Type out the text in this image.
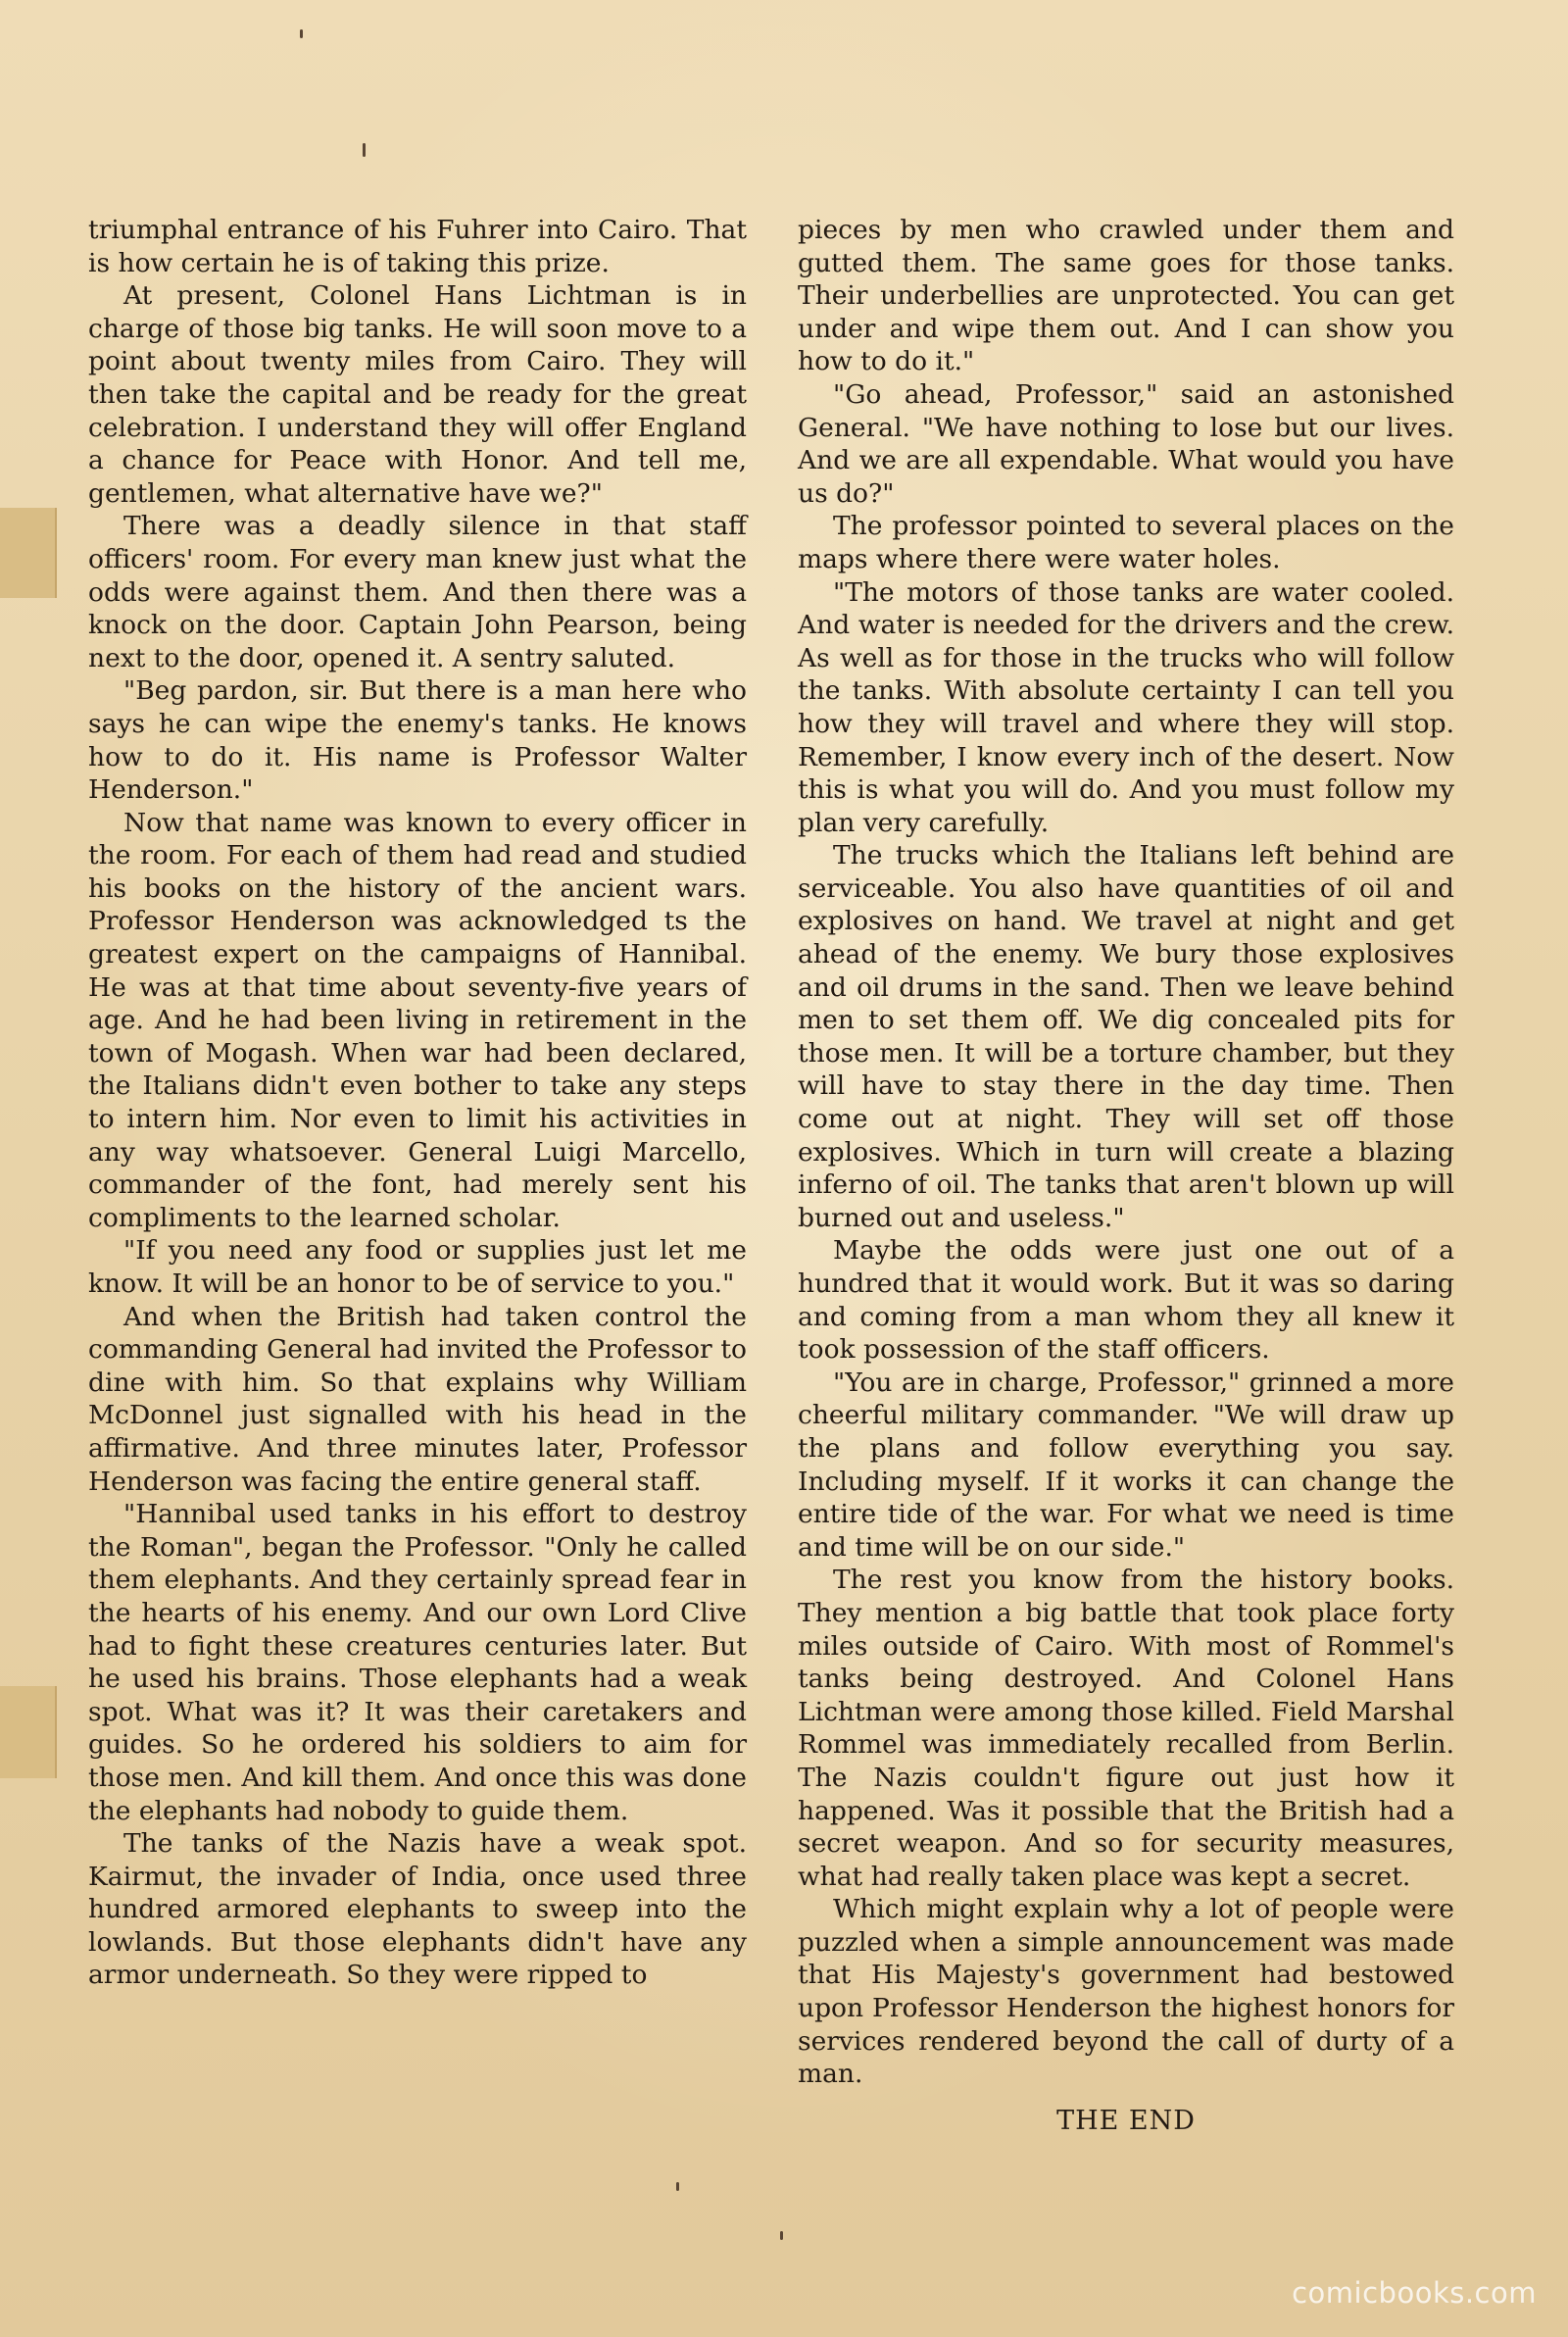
triumphal entrance of his Fuhrer into Cairo. That is how certain he is of taking this prize.

At present, Colonel Hans Lichtman is in charge of those big tanks. He will soon move to a point about twenty miles from Cairo. They will then take the capital and be ready for the great celebration. I understand they will offer England a chance for Peace with Honor. And tell me, gentlemen, what alternative have we?"

There was a deadly silence in that staff officers' room. For every man knew just what the odds were against them. And then there was a knock on the door. Captain John Pearson, being next to the door, opened it. A sentry saluted.

"Beg pardon, sir. But there is a man here who says he can wipe the enemy's tanks. He knows how to do it. His name is Professor Walter Henderson."

Now that name was known to every officer in the room. For each of them had read and studied his books on the history of the ancient wars. Professor Henderson was acknowledged ts the greatest expert on the campaigns of Hannibal. He was at that time about seventy-five years of age. And he had been living in retirement in the town of Mogash. When war had been declared, the Italians didn't even bother to take any steps to intern him. Nor even to limit his activities in any way whatsoever. General Luigi Marcello, commander of the font, had merely sent his compliments to the learned scholar.

"If you need any food or supplies just let me know. It will be an honor to be of service to you."

And when the British had taken control the commanding General had invited the Professor to dine with him. So that explains why William McDonnel just signalled with his head in the affirmative. And three minutes later, Professor Henderson was facing the entire general staff.

"Hannibal used tanks in his effort to destroy the Roman", began the Professor. "Only he called them elephants. And they certainly spread fear in the hearts of his enemy. And our own Lord Clive had to fight these creatures centuries later. But he used his brains. Those elephants had a weak spot. What was it? It was their caretakers and guides. So he ordered his soldiers to aim for those men. And kill them. And once this was done the elephants had nobody to guide them.

The tanks of the Nazis have a weak spot. Kairmut, the invader of India, once used three hundred armored elephants to sweep into the lowlands. But those elephants didn't have any armor underneath. So they were ripped to

pieces by men who crawled under them and gutted them. The same goes for those tanks. Their underbellies are unprotected. You can get under and wipe them out. And I can show you how to do it."

"Go ahead, Professor," said an astonished General. "We have nothing to lose but our lives. And we are all expendable. What would you have us do?"

The professor pointed to several places on the maps where there were water holes.

"The motors of those tanks are water cooled. And water is needed for the drivers and the crew. As well as for those in the trucks who will follow the tanks. With absolute certainty I can tell you how they will travel and where they will stop. Remember, I know every inch of the desert. Now this is what you will do. And you must follow my plan very carefully.

The trucks which the Italians left behind are serviceable. You also have quantities of oil and explosives on hand. We travel at night and get ahead of the enemy. We bury those explosives and oil drums in the sand. Then we leave behind men to set them off. We dig concealed pits for those men. It will be a torture chamber, but they will have to stay there in the day time. Then come out at night. They will set off those explosives. Which in turn will create a blazing inferno of oil. The tanks that aren't blown up will burned out and useless."

Maybe the odds were just one out of a hundred that it would work. But it was so daring and coming from a man whom they all knew it took possession of the staff officers.

"You are in charge, Professor," grinned a more cheerful military commander. "We will draw up the plans and follow everything you say. Including myself. If it works it can change the entire tide of the war. For what we need is time and time will be on our side."

The rest you know from the history books. They mention a big battle that took place forty miles outside of Cairo. With most of Rommel's tanks being destroyed. And Colonel Hans Lichtman were among those killed. Field Marshal Rommel was immediately recalled from Berlin. The Nazis couldn't figure out just how it happened. Was it possible that the British had a secret weapon. And so for security measures, what had really taken place was kept a secret.

Which might explain why a lot of people were puzzled when a simple announcement was made that His Majesty's government had bestowed upon Professor Henderson the highest honors for services rendered beyond the call of durty of a man.

THE END

comicbooks.com
